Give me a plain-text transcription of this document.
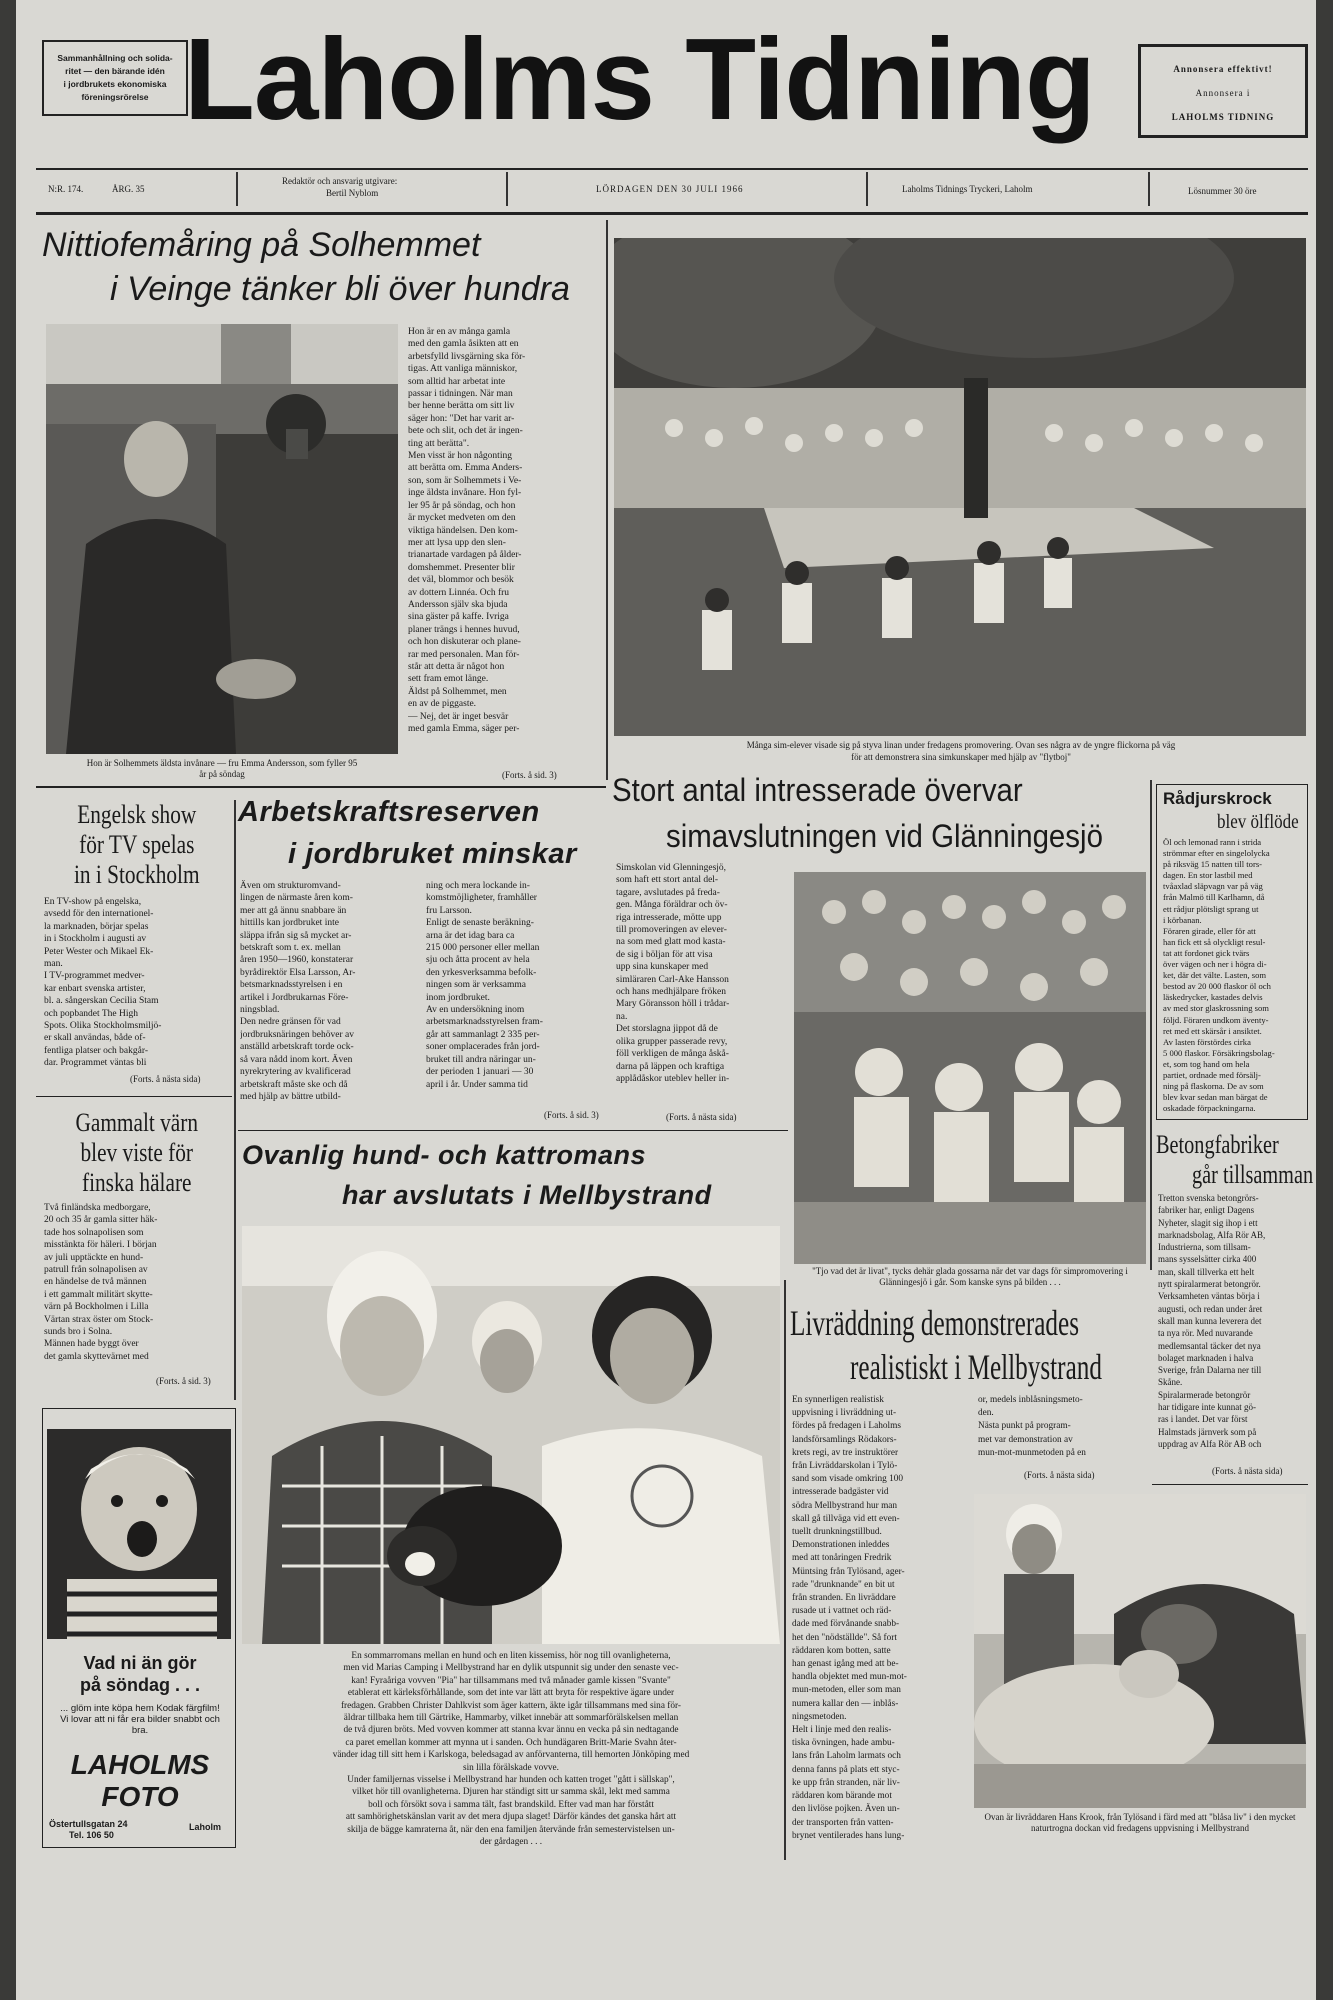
Sammanhållning och solida-
ritet — den bärande idén
i jordbrukets ekonomiska
föreningsrörelse Laholms Tidning	Annonsera effektivt!
Annonsera i
LAHOLMS TIDNING
N:R. 174.	ÅRG. 35
Redaktör och ansvarig utgivare:
Bertil Nyblom	LÖRDAGEN DEN 30 JULI 1966	Laholms Tidnings Tryckeri, Laholm	Lösnummer 30 öre
Nittiofemåring på Solhemmet
i Veinge tänker bli över hundra
Hon är Solhemmets äldsta invånare — fru Emma Andersson, som fyller 95 år på söndag
Hon är en av många gamla
med den gamla åsikten att en
arbetsfylld livsgärning ska för-
tigas. Att vanliga människor,
som alltid har arbetat inte
passar i tidningen. När man
ber henne berätta om sitt liv
säger hon: "Det har varit ar-
bete och slit, och det är ingen-
ting att berätta".
Men visst är hon någonting
att berätta om. Emma Anders-
son, som är Solhemmets i Ve-
inge äldsta invånare. Hon fyl-
ler 95 år på söndag, och hon
är mycket medveten om den
viktiga händelsen. Den kom-
mer att lysa upp den slen-
trianartade vardagen på ålder-
domshemmet. Presenter blir
det väl, blommor och besök
av dottern Linnéa. Och fru
Andersson själv ska bjuda
sina gäster på kaffe. Ivriga
planer trängs i hennes huvud,
och hon diskuterar och plane-
rar med personalen. Man för-
står att detta är något hon
sett fram emot länge.
Äldst på Solhemmet, men
en av de piggaste.
— Nej, det är inget besvär
med gamla Emma, säger per-
(Forts. å sid. 3)
Många sim-elever visade sig på styva linan under fredagens promovering. Ovan ses några av de yngre flickorna på väg
för att demonstrera sina simkunskaper med hjälp av "flytboj"
Stort antal intresserade övervar
simavslutningen vid Glänningesjö
Simskolan vid Glenningesjö,
som haft ett stort antal del-
tagare, avslutades på freda-
gen. Många föräldrar och öv-
riga intresserade, mötte upp
till promoveringen av elever-
na som med glatt mod kasta-
de sig i böljan för att visa
upp sina kunskaper med
simläraren Carl-Ake Hansson
och hans medhjälpare fröken
Mary Göransson höll i trådar-
na.
Det storslagna jippot då de
olika grupper passerade revy,
föll verkligen de många åskå-
darna på läppen och kraftiga
applådåskor uteblev heller in-
(Forts. å nästa sida)
"Tjo vad det är livat", tycks dehär glada gossarna när det var dags för simpromovering i Glänningesjö i går. Som kanske syns på bilden . . .
Engelsk show
för TV spelas
in i Stockholm
En TV-show på engelska,
avsedd för den internationel-
la marknaden, börjar spelas
in i Stockholm i augusti av
Peter Wester och Mikael Ek-
man.
I TV-programmet medver-
kar enbart svenska artister,
bl. a. sångerskan Cecilia Stam
och popbandet The High
Spots. Olika Stockholmsmiljö-
er skall användas, både of-
fentliga platser och bakgår-
dar. Programmet väntas bli
(Forts. å nästa sida)
Gammalt värn
blev viste för
finska hälare
Två finländska medborgare,
20 och 35 år gamla sitter häk-
tade hos solnapolisen som
misstänkta för häleri. I början
av juli upptäckte en hund-
patrull från solnapolisen av
en händelse de två männen
i ett gammalt militärt skytte-
värn på Bockholmen i Lilla
Värtan strax öster om Stock-
sunds bro i Solna.
Männen hade byggt över
det gamla skyttevärnet med
(Forts. å sid. 3)
Arbetskraftsreserven
i jordbruket minskar
Även om strukturomvand-
lingen de närmaste åren kom-
mer att gå ännu snabbare än
hittills kan jordbruket inte
släppa ifrån sig så mycket ar-
betskraft som t. ex. mellan
åren 1950—1960, konstaterar
byrådirektör Elsa Larsson, Ar-
betsmarknadsstyrelsen i en
artikel i Jordbrukarnas Före-
ningsblad.
Den nedre gränsen för vad
jordbruksnäringen behöver av
anställd arbetskraft torde ock-
så vara nådd inom kort. Även
nyrekrytering av kvalificerad
arbetskraft måste ske och då
med hjälp av bättre utbild-
ning och mera lockande in-
komstmöjligheter, framhåller
fru Larsson.
Enligt de senaste beräkning-
arna är det idag bara ca
215 000 personer eller mellan
sju och åtta procent av hela
den yrkesverksamma befolk-
ningen som är verksamma
inom jordbruket.
Av en undersökning inom
arbetsmarknadsstyrelsen fram-
går att sammanlagt 2 335 per-
soner omplacerades från jord-
bruket till andra näringar un-
der perioden 1 januari — 30
april i år. Under samma tid
(Forts. å sid. 3)
Ovanlig hund- och kattromans
har avslutats i Mellbystrand
En sommarromans mellan en hund och en liten kissemiss, hör nog till ovanligheterna,
men vid Marias Camping i Mellbystrand har en dylik utspunnit sig under den senaste vec-
kan! Fyraåriga vovven "Pia" har tillsammans med två månader gamle kissen "Svante"
etablerat ett kärleksförhållande, som det inte var lätt att bryta för respektive ägare under
fredagen. Grabben Christer Dahlkvist som äger kattern, äkte igår tillsammans med sina för-
äldrar tillbaka hem till Gärtrike, Hammarby, vilket innebär att sommarförälskelsen mellan
de två djuren bröts. Med vovven kommer att stanna kvar ännu en vecka på sin nedtagande
ca paret emellan kommer att mynna ut i sanden. Och hundägaren Britt-Marie Svahn åter-
vänder idag till sitt hem i Karlskoga, beledsagad av anförvanterna, till hemorten Jönköping med
sin lilla förälskade vovve.
Under familjernas visselse i Mellbystrand har hunden och katten troget "gått i sällskap",
vilket hör till ovanligheterna. Djuren har ständigt sitt ur samma skål, lekt med samma
boll och försökt sova i samma tält, fast brandskild. Efter vad man har förstått
att samhörighetskänslan varit av det mera djupa slaget! Därför kändes det ganska hårt att
skilja de bägge kamraterna åt, när den ena familjen återvände från semestervistelsen un-
der gårdagen . . .
Vad ni än gör
på söndag . . .
... glöm inte köpa hem Kodak färgfilm! Vi lovar att ni får era bilder snabbt och bra.
LAHOLMS
FOTO
Östertullsgatan 24
Tel. 106 50
Laholm
Rådjurskrock
blev ölflöde
Öl och lemonad rann i strida
strömmar efter en singelolycka
på riksväg 15 natten till tors-
dagen. En stor lastbil med
tvåaxlad släpvagn var på väg
från Malmö till Karlhamn, då
ett rådjur plötsligt sprang ut
i körbanan.
Föraren girade, eller för att
han fick ett så olyckligt resul-
tat att fordonet gick tvärs
över vägen och ner i högra di-
ket, där det vältе. Lasten, som
bestod av 20 000 flaskor öl och
läskedrycker, kastades delvis
av med stor glaskrossning som
följd. Föraren undkom äventy-
ret med ett skärsår i ansiktet.
Av lasten förstördes cirka
5 000 flaskor. Försäkringsbolag-
et, som tog hand om hela
partiet, ordnade med försälj-
ning på flaskorna. De av som
blev kvar sedan man bärgat de
oskadade förpackningarna.
Betongfabriker
går tillsamman
Tretton svenska betongrörs-
fabriker har, enligt Dagens
Nyheter, slagit sig ihop i ett
marknadsbolag, Alfa Rör AB,
Industrierna, som tillsam-
mans sysselsätter cirka 400
man, skall tillverka ett helt
nytt spiralarmerat betongrör.
Verksamheten väntas börja i
augusti, och redan under året
skall man kunna leverera det
ta nya rör. Med nuvarande
medlemsantal täcker det nya
bolaget marknaden i halva
Sverige, från Dalarna ner till
Skåne.
Spiralarmerade betongrör
har tidigare inte kunnat gö-
ras i landet. Det var först
Halmstads järnverk som på
uppdrag av Alfa Rör AB och
(Forts. å nästa sida)
Livräddning demonstrerades
realistiskt i Mellbystrand
En synnerligen realistisk
uppvisning i livräddning ut-
fördes på fredagen i Laholms
landsförsamlings Rödakors-
krets regi, av tre instruktörer
från Livräddarskolan i Tylö-
sand som visade omkring 100
intresserade badgäster vid
södra Mellbystrand hur man
skall gå tillväga vid ett even-
tuellt drunkningstillbud.
Demonstrationen inleddes
med att tonåringen Fredrik
Müntsing från Tylösand, ager-
rade "drunknande" en bit ut
från stranden. En livräddare
rusade ut i vattnet och räd-
dade med förvånande snabb-
het den "nödställde". Så fort
räddaren kom botten, satte
han genast igång med att be-
handla objektet med mun-mot-
mun-metoden, eller som man
numera kallar den — inblås-
ningsmetoden.
Helt i linje med den realis-
tiska övningen, hade ambu-
lans från Laholm larmats och
denna fanns på plats ett styc-
ke upp från stranden, när liv-
räddaren kom bärande mot
den livlöse pojken. Även un-
der transporten från vatten-
brynet ventilerades hans lung-
or, medels inblåsningsmeto-
den.
Nästa punkt på program-
met var demonstration av
mun-mot-munmetoden på en
(Forts. å nästa sida)
Ovan är livräddaren Hans Krook, från Tylösand i färd med att "blåsa liv" i den mycket naturtrogna dockan vid fredagens uppvisning i Mellbystrand
